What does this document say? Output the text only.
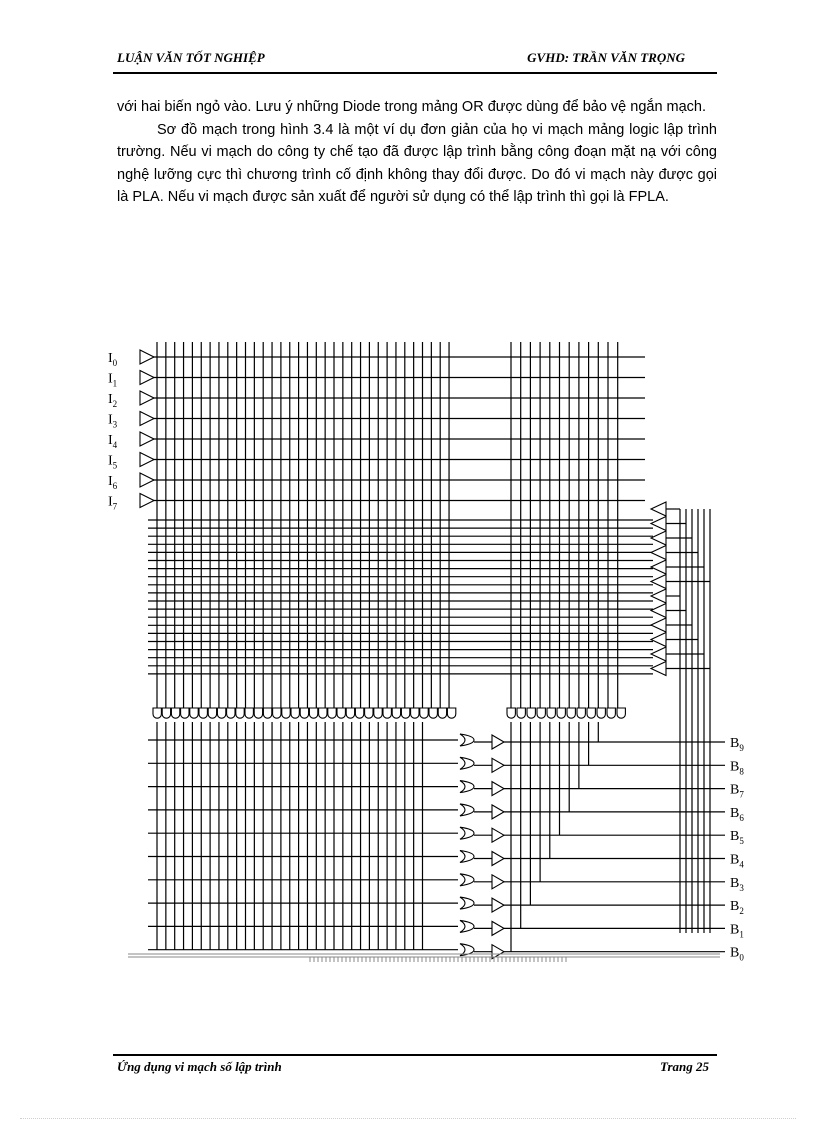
LUẬN VĂN TỐT NGHIỆP	GVHD: TRẦN VĂN TRỌNG

với hai biến ngỏ vào. Lưu ý những Diode trong mảng OR được dùng để bảo vệ ngắn mạch.

Sơ đồ mạch trong hình 3.4 là một ví dụ đơn giản của họ vi mạch mảng logic lập trình trường. Nếu vi mạch do công ty chế tạo đã được lập trình bằng công đoạn mặt nạ với công nghệ lưỡng cực thì chương trình cố định không thay đổi được. Do đó vi mạch này được gọi là PLA. Nếu vi mạch được sản xuất để người sử dụng có thể lập trình thì gọi là FPLA.

$I_0$
$I_1$
$I_2$
$I_3$
$I_4$
$I_5$
$I_6$
$I_7$
$B_9$
$B_8$
$B_7$
$B_6$
$B_5$
$B_4$
$B_3$
$B_2$
$B_1$
$B_0$
Ứng dụng vi mạch số lập trình	Trang 25
